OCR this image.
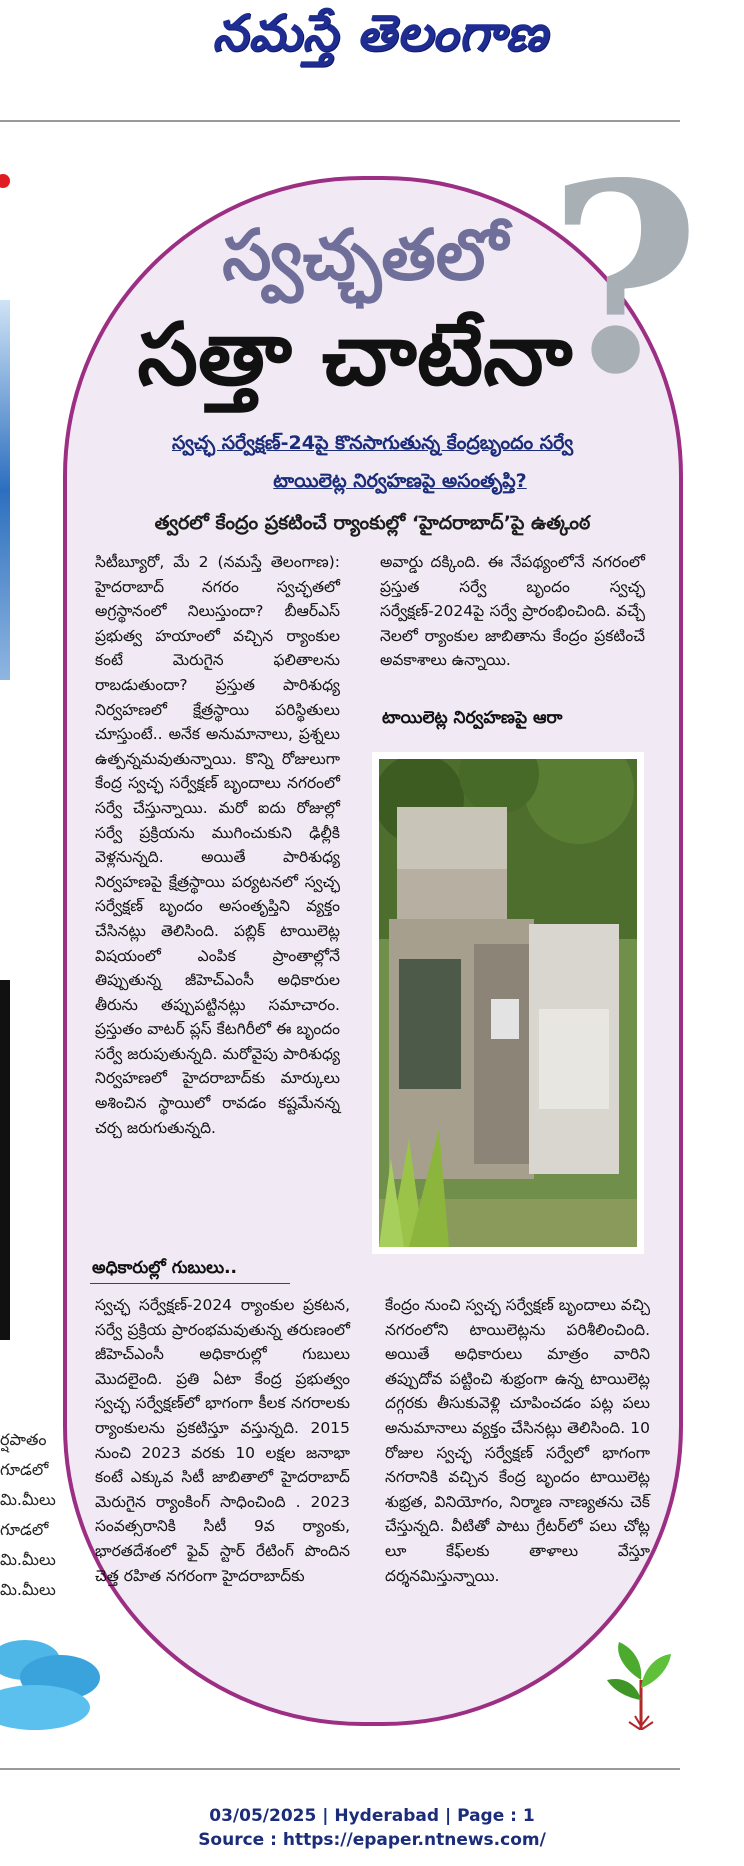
నమస్తే తెలంగాణ
ర్షపాతం
గూడలో
మి.మీలు
గూడలో
మి.మీలు
మి.మీలు
?
స్వచ్ఛతలో
సత్తా చాటేనా
స్వచ్ఛ సర్వేక్షణ్‌-24పై కొనసాగుతున్న కేంద్రబృందం సర్వే
టాయిలెట్ల నిర్వహణపై అసంతృప్తి?
త్వరలో కేంద్రం ప్రకటించే ర్యాంకుల్లో ‘హైదరాబాద్‌’పై ఉత్కంఠ
సిటీబ్యూరో, మే 2 (నమస్తే తెలంగాణ): హైదరాబాద్‌ నగరం స్వచ్ఛతలో అగ్రస్థానంలో నిలుస్తుందా? బీఆర్‌ఎస్‌ ప్రభుత్వ హయాంలో వచ్చిన ర్యాంకుల కంటే మెరుగైన ఫలితాలను రాబడుతుందా? ప్రస్తుత పారిశుధ్య నిర్వహణలో క్షేత్రస్థాయి పరిస్థితులు చూస్తుంటే.. అనేక అనుమానాలు, ప్రశ్నలు ఉత్పన్నమవుతున్నాయి. కొన్ని రోజులుగా కేంద్ర స్వచ్ఛ సర్వేక్షణ్‌ బృందాలు నగరంలో సర్వే చేస్తున్నాయి. మరో ఐదు రోజుల్లో సర్వే ప్రక్రియను ముగించుకుని ఢిల్లీకి వెళ్లనున్నది. అయితే పారిశుధ్య నిర్వహణపై క్షేత్రస్థాయి పర్యటనలో స్వచ్ఛ సర్వేక్షణ్‌ బృందం అసంతృప్తిని వ్యక్తం చేసినట్లు తెలిసింది. పబ్లిక్‌ టాయిలెట్ల విషయంలో ఎంపిక ప్రాంతాల్లోనే తిప్పుతున్న జీహెచ్‌ఎంసీ అధికారుల తీరును తప్పుపట్టినట్లు సమాచారం. ప్రస్తుతం వాటర్‌ ప్లస్‌ కేటగిరీలో ఈ బృందం సర్వే జరుపుతున్నది. మరోవైపు పారిశుధ్య నిర్వహణలో హైదరాబాద్‌కు మార్కులు అశించిన స్థాయిలో రావడం కష్టమేనన్న చర్చ జరుగుతున్నది.
అవార్డు దక్కింది. ఈ నేపథ్యంలోనే నగరంలో ప్రస్తుత సర్వే బృందం స్వచ్ఛ సర్వేక్షణ్‌-2024పై సర్వే ప్రారంభించింది. వచ్చే నెలలో ర్యాంకుల జాబితాను కేంద్రం ప్రకటించే అవకాశాలు ఉన్నాయి.
టాయిలెట్ల నిర్వహణపై ఆరా
అధికారుల్లో గుబులు..
స్వచ్ఛ సర్వేక్షణ్‌-2024 ర్యాంకుల ప్రకటన, సర్వే ప్రక్రియ ప్రారంభమవుతున్న తరుణంలో జీహెచ్‌ఎంసీ అధికారుల్లో గుబులు మొదలైంది. ప్రతి ఏటా కేంద్ర ప్రభుత్వం స్వచ్ఛ సర్వేక్షణ్‌లో భాగంగా కీలక నగరాలకు ర్యాంకులను ప్రకటిస్తూ వస్తున్నది. 2015 నుంచి 2023 వరకు 10 లక్షల జనాభా కంటే ఎక్కువ సిటీ జాబితాలో హైదరాబాద్‌ మెరుగైన ర్యాంకింగ్‌ సాధించింది . 2023 సంవత్సరానికి సిటీ 9వ ర్యాంకు, భారతదేశంలో ఫైవ్‌ స్టార్‌ రేటింగ్‌ పొందిన చెత్త రహిత నగరంగా హైదరాబాద్‌కు
కేంద్రం నుంచి స్వచ్ఛ సర్వేక్షణ్‌ బృందాలు వచ్చి నగరంలోని టాయిలెట్లను పరిశీలించింది. అయితే అధికారులు మాత్రం వారిని తప్పుదోవ పట్టించి శుభ్రంగా ఉన్న టాయిలెట్ల దగ్గరకు తీసుకువెళ్లి చూపించడం పట్ల పలు అనుమానాలు వ్యక్తం చేసినట్లు తెలిసింది. 10 రోజుల స్వచ్ఛ సర్వేక్షణ్‌ సర్వేలో భాగంగా నగరానికి వచ్చిన కేంద్ర బృందం టాయిలెట్ల శుభ్రత, వినియోగం, నిర్మాణ నాణ్యతను చెక్‌ చేస్తున్నది. వీటితో పాటు గ్రేటర్‌లో పలు చోట్ల లూ కేఫ్‌లకు తాళాలు వేస్తూ దర్శనమిస్తున్నాయి.
03/05/2025 | Hyderabad | Page : 1
Source : https://epaper.ntnews.com/
